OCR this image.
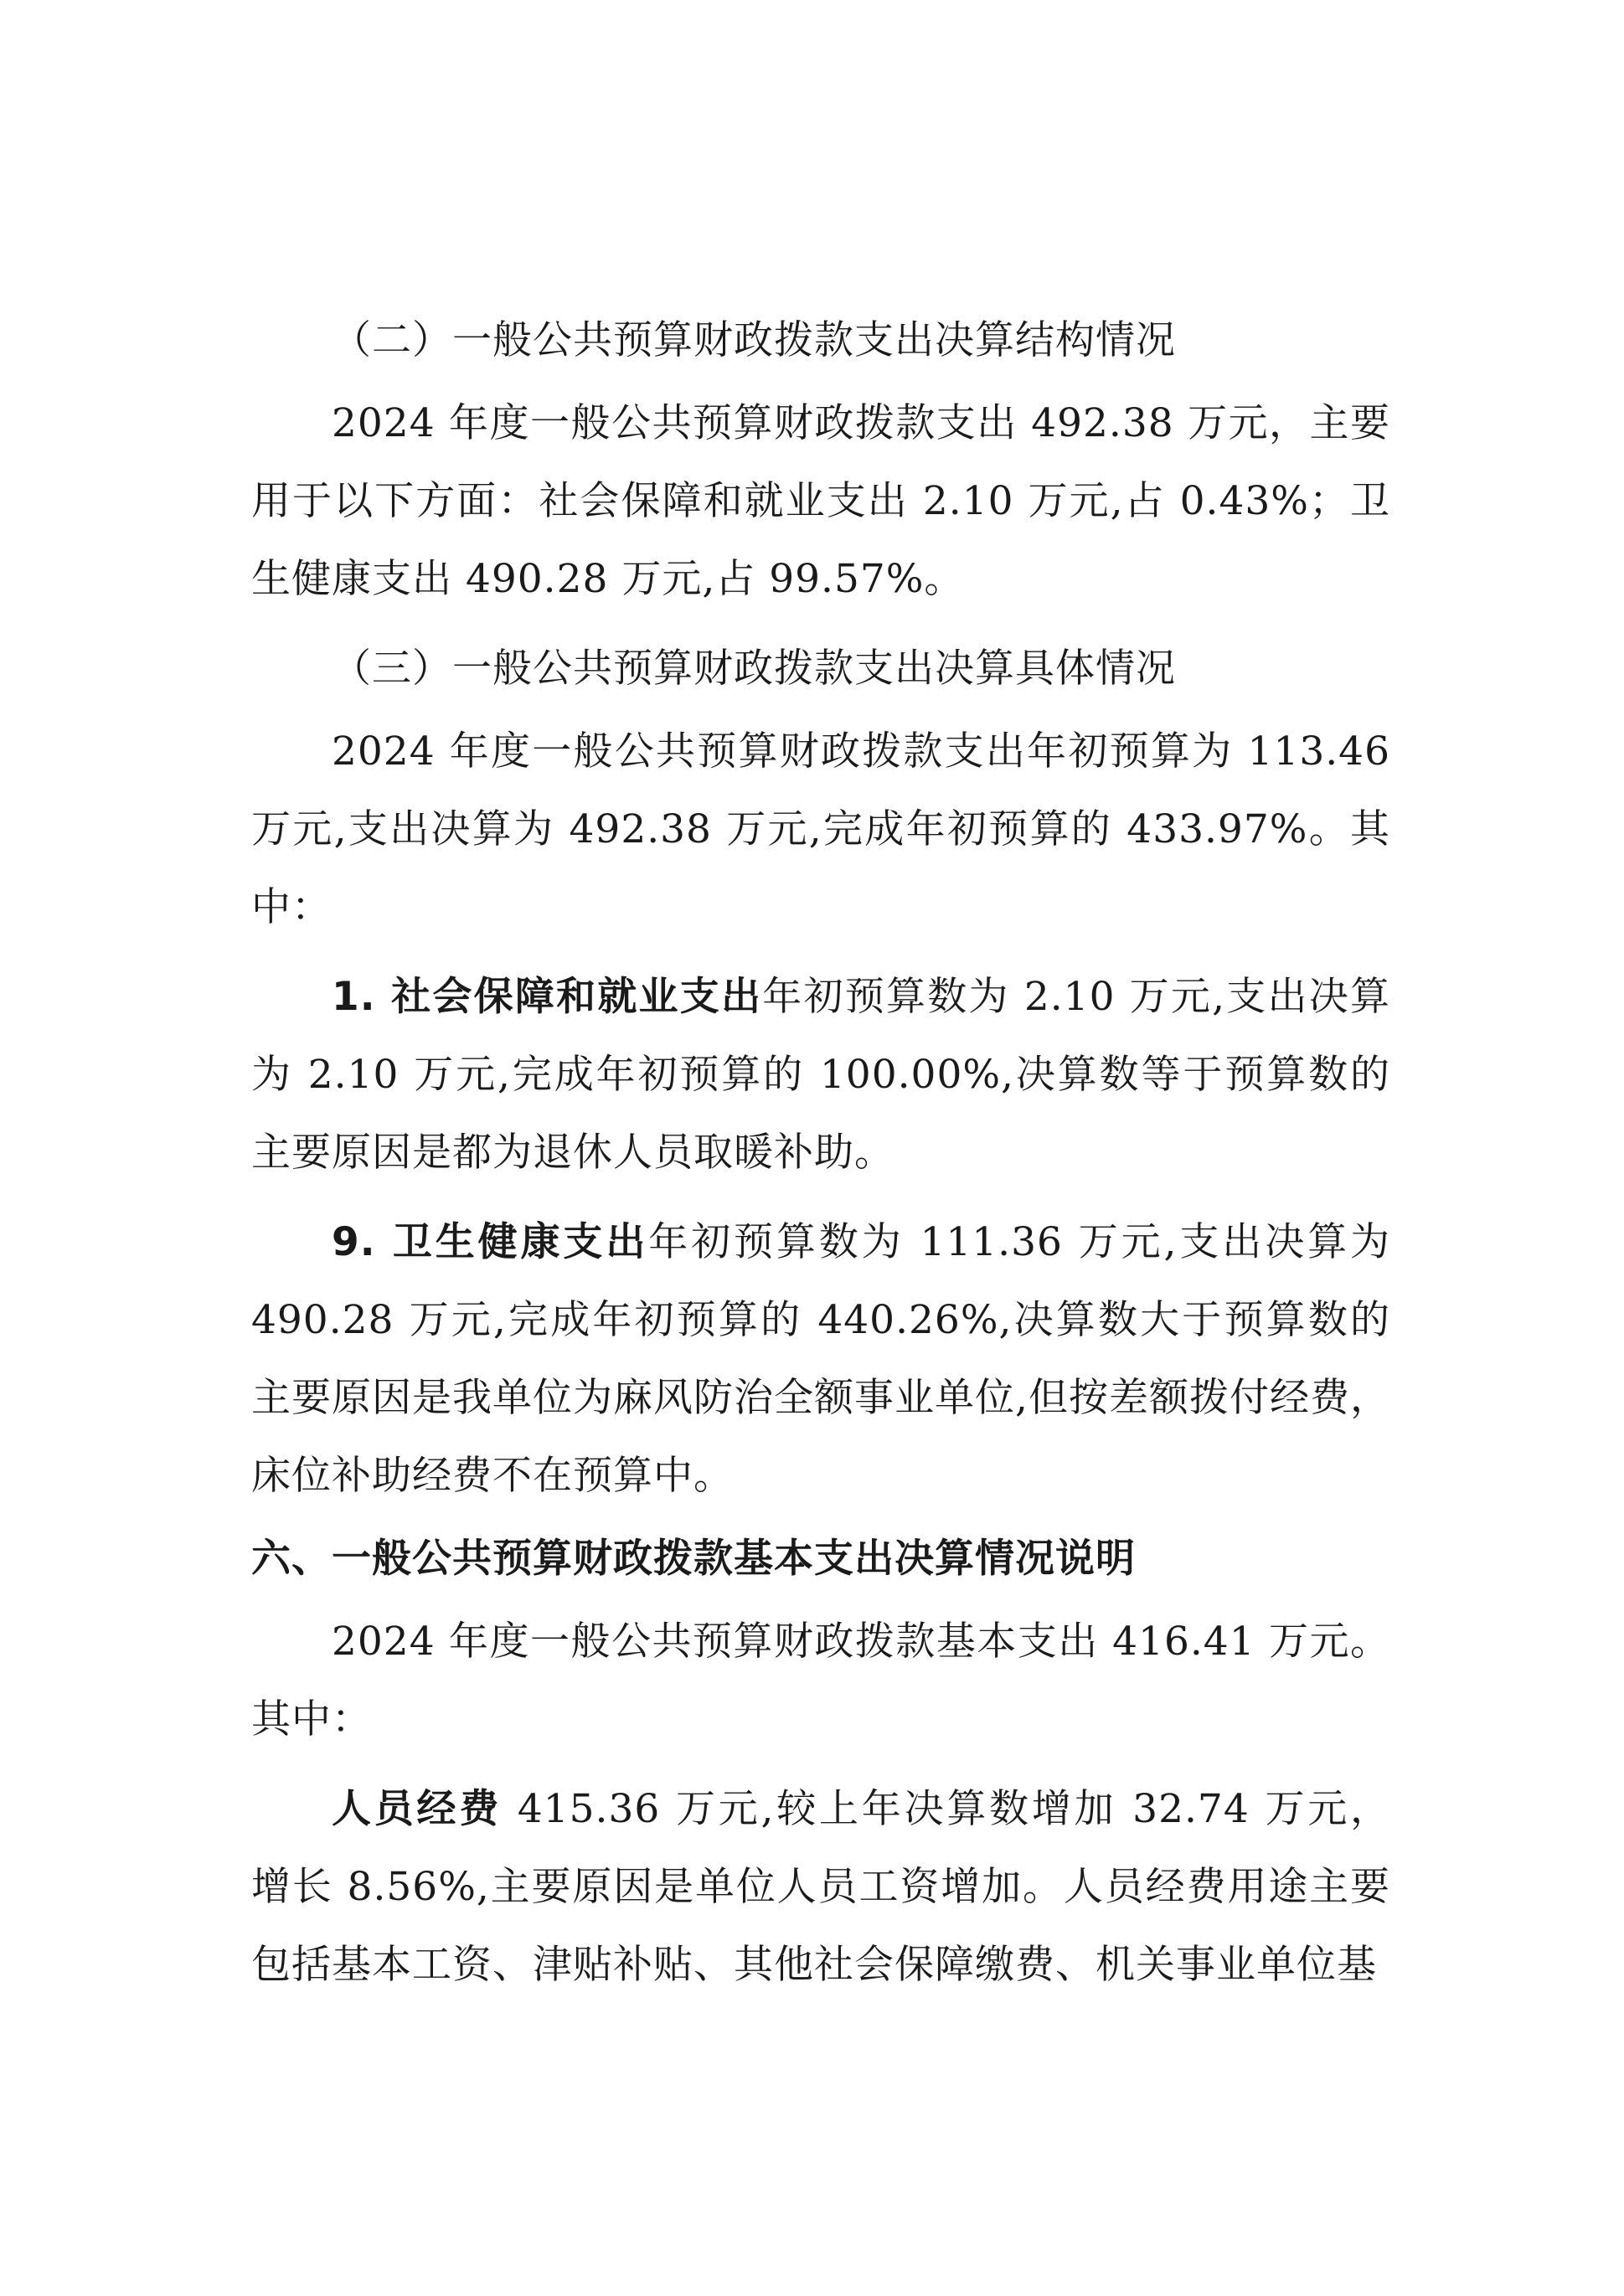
（二）一般公共预算财政拨款支出决算结构情况

2024 年度一般公共预算财政拨款支出 492.38 万元，主要用于以下方面：社会保障和就业支出 2.10 万元,占 0.43%；卫生健康支出 490.28 万元,占 99.57%。

（三）一般公共预算财政拨款支出决算具体情况

2024 年度一般公共预算财政拨款支出年初预算为 113.46 万元,支出决算为 492.38 万元,完成年初预算的 433.97%。其中：

1. 社会保障和就业支出年初预算数为 2.10 万元,支出决算为 2.10 万元,完成年初预算的 100.00%,决算数等于预算数的主要原因是都为退休人员取暖补助。

9. 卫生健康支出年初预算数为 111.36 万元,支出决算为 490.28 万元,完成年初预算的 440.26%,决算数大于预算数的主要原因是我单位为麻风防治全额事业单位,但按差额拨付经费，床位补助经费不在预算中。

六、一般公共预算财政拨款基本支出决算情况说明

2024 年度一般公共预算财政拨款基本支出 416.41 万元。其中：

人员经费 415.36 万元,较上年决算数增加 32.74 万元， 增长 8.56%,主要原因是单位人员工资增加。人员经费用途主要包括基本工资、津贴补贴、其他社会保障缴费、机关事业单位基
